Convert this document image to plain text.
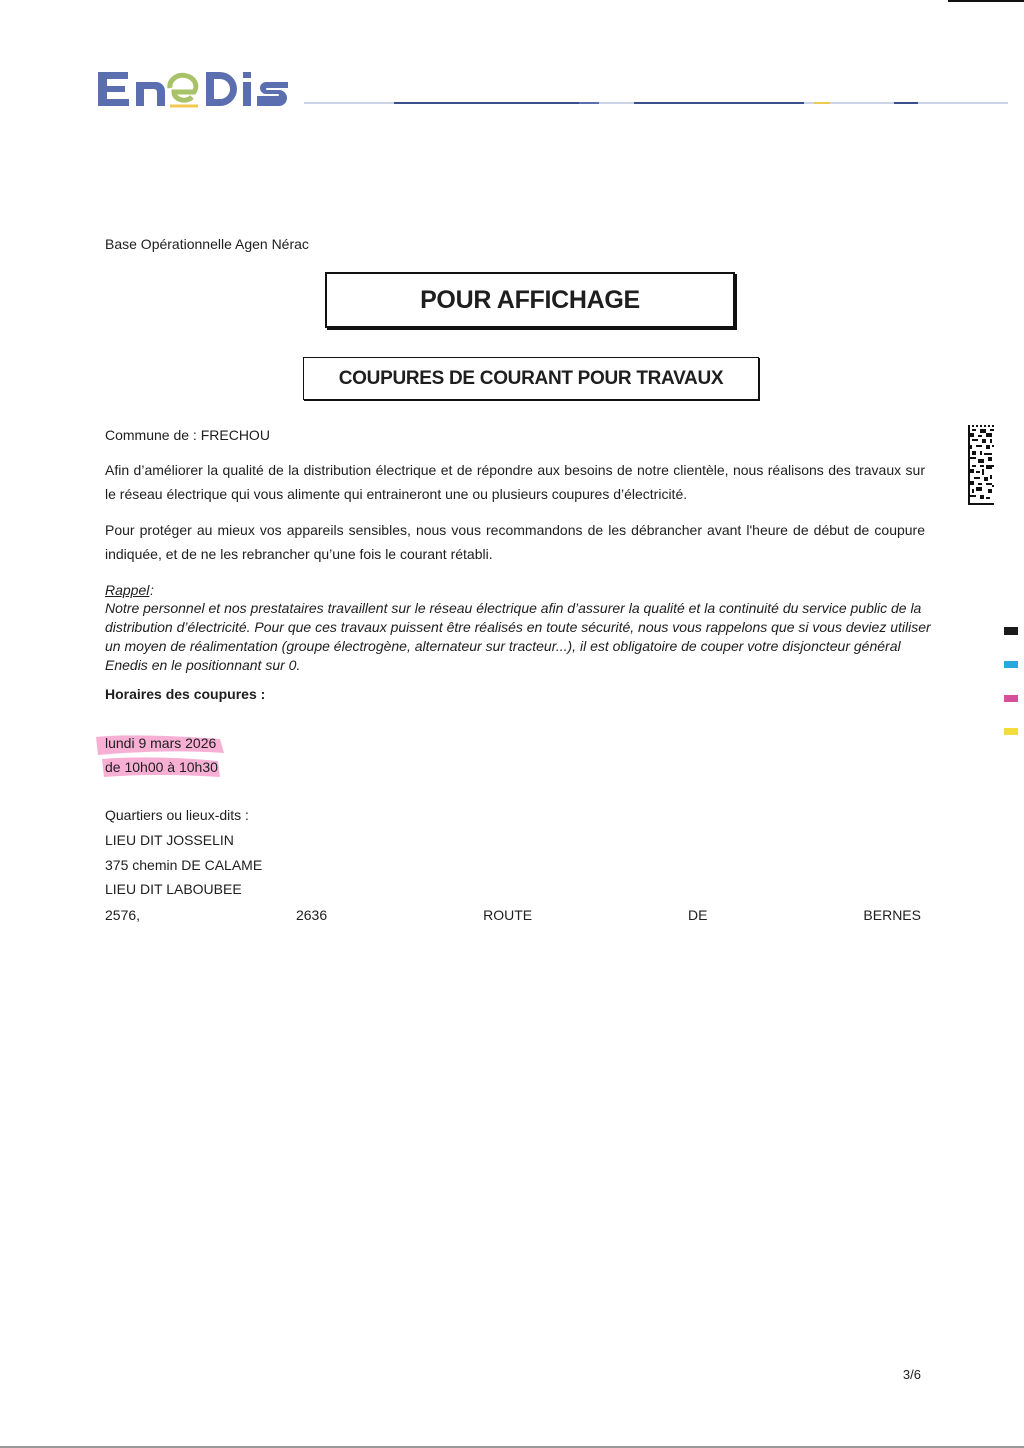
Base Opérationnelle Agen Nérac
POUR AFFICHAGE
COUPURES DE COURANT POUR TRAVAUX
Commune de : FRECHOU
Afin d’améliorer la qualité de la distribution électrique et de répondre aux besoins de notre clientèle, nous réalisons des travaux sur le réseau électrique qui vous alimente qui entraineront une ou plusieurs coupures d’électricité.
Pour protéger au mieux vos appareils sensibles, nous vous recommandons de les débrancher avant l'heure de début de coupure indiquée, et de ne les rebrancher qu’une fois le courant rétabli.
Rappel :
Notre personnel et nos prestataires travaillent sur le réseau électrique afin d’assurer la qualité et la continuité du service public de la distribution d’électricité. Pour que ces travaux puissent être réalisés en toute sécurité, nous vous rappelons que si vous deviez utiliser un moyen de réalimentation (groupe électrogène, alternateur sur tracteur...), il est obligatoire de couper votre disjoncteur général Enedis en le positionnant sur 0.
Horaires des coupures :
lundi 9 mars 2026
de 10h00 à 10h30
Quartiers ou lieux-dits :
LIEU DIT JOSSELIN
375 chemin DE CALAME
LIEU DIT LABOUBEE
2576,	2636	ROUTE	DE	BERNES
3/6
